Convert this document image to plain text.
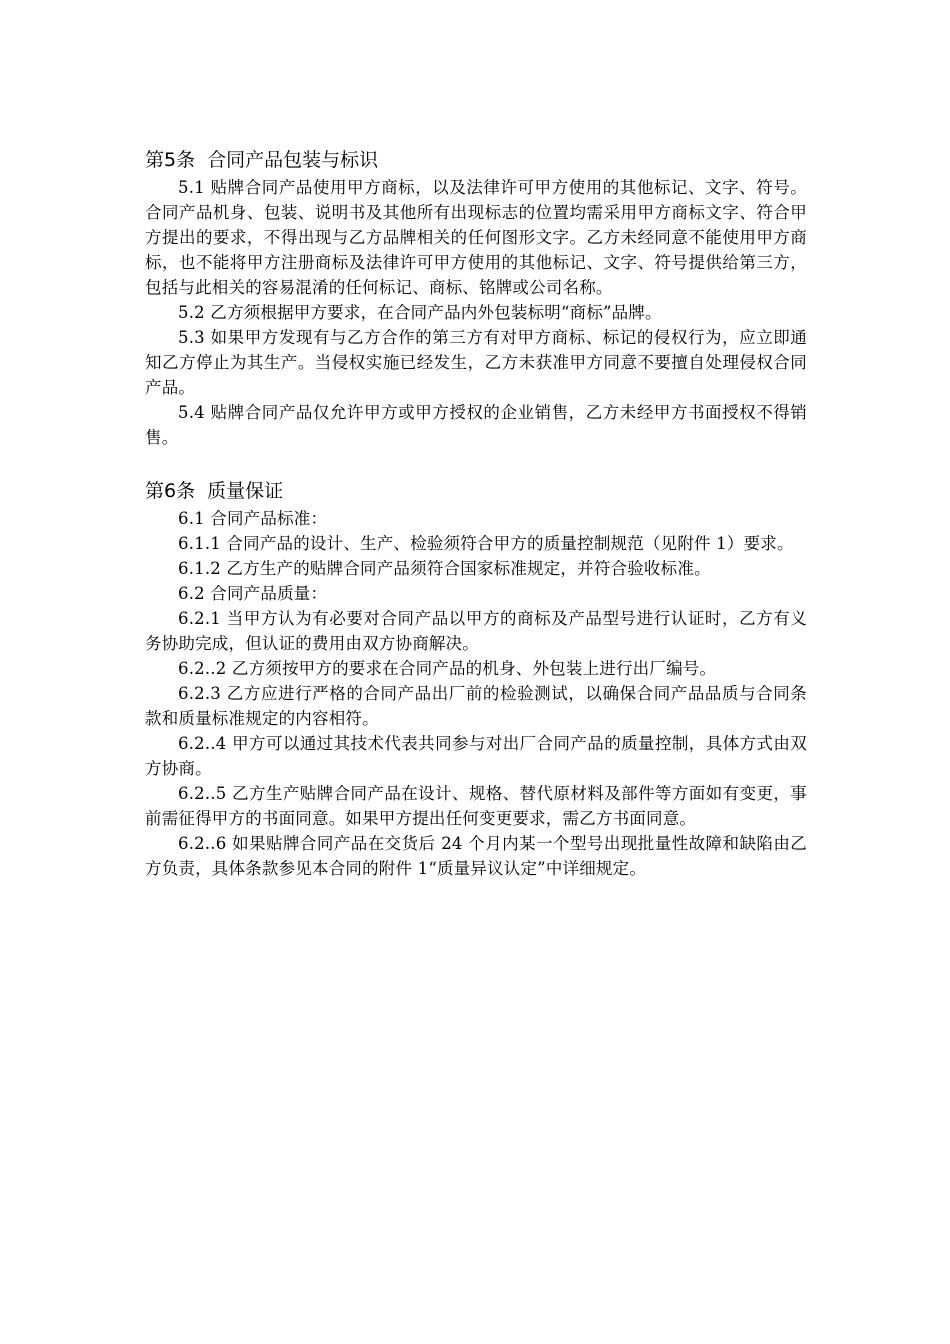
第5条 合同产品包装与标识

5.1 贴牌合同产品使用甲方商标，以及法律许可甲方使用的其他标记、文字、符号。合同产品机身、包装、说明书及其他所有出现标志的位置均需采用甲方商标文字、符合甲方提出的要求，不得出现与乙方品牌相关的任何图形文字。乙方未经同意不能使用甲方商标，也不能将甲方注册商标及法律许可甲方使用的其他标记、文字、符号提供给第三方，包括与此相关的容易混淆的任何标记、商标、铭牌或公司名称。

5.2 乙方须根据甲方要求，在合同产品内外包装标明“商标”品牌。

5.3 如果甲方发现有与乙方合作的第三方有对甲方商标、标记的侵权行为，应立即通知乙方停止为其生产。当侵权实施已经发生，乙方未获准甲方同意不要擅自处理侵权合同产品。

5.4 贴牌合同产品仅允许甲方或甲方授权的企业销售，乙方未经甲方书面授权不得销售。

第6条 质量保证

6.1 合同产品标准：

6.1.1 合同产品的设计、生产、检验须符合甲方的质量控制规范（见附件 1）要求。

6.1.2 乙方生产的贴牌合同产品须符合国家标准规定，并符合验收标准。

6.2 合同产品质量：

6.2.1 当甲方认为有必要对合同产品以甲方的商标及产品型号进行认证时，乙方有义务协助完成，但认证的费用由双方协商解决。

6.2..2 乙方须按甲方的要求在合同产品的机身、外包装上进行出厂编号。

6.2.3 乙方应进行严格的合同产品出厂前的检验测试，以确保合同产品品质与合同条款和质量标准规定的内容相符。

6.2..4 甲方可以通过其技术代表共同参与对出厂合同产品的质量控制，具体方式由双方协商。

6.2..5 乙方生产贴牌合同产品在设计、规格、替代原材料及部件等方面如有变更，事前需征得甲方的书面同意。如果甲方提出任何变更要求，需乙方书面同意。

6.2..6 如果贴牌合同产品在交货后 24 个月内某一个型号出现批量性故障和缺陷由乙方负责，具体条款参见本合同的附件 1“质量异议认定”中详细规定。
